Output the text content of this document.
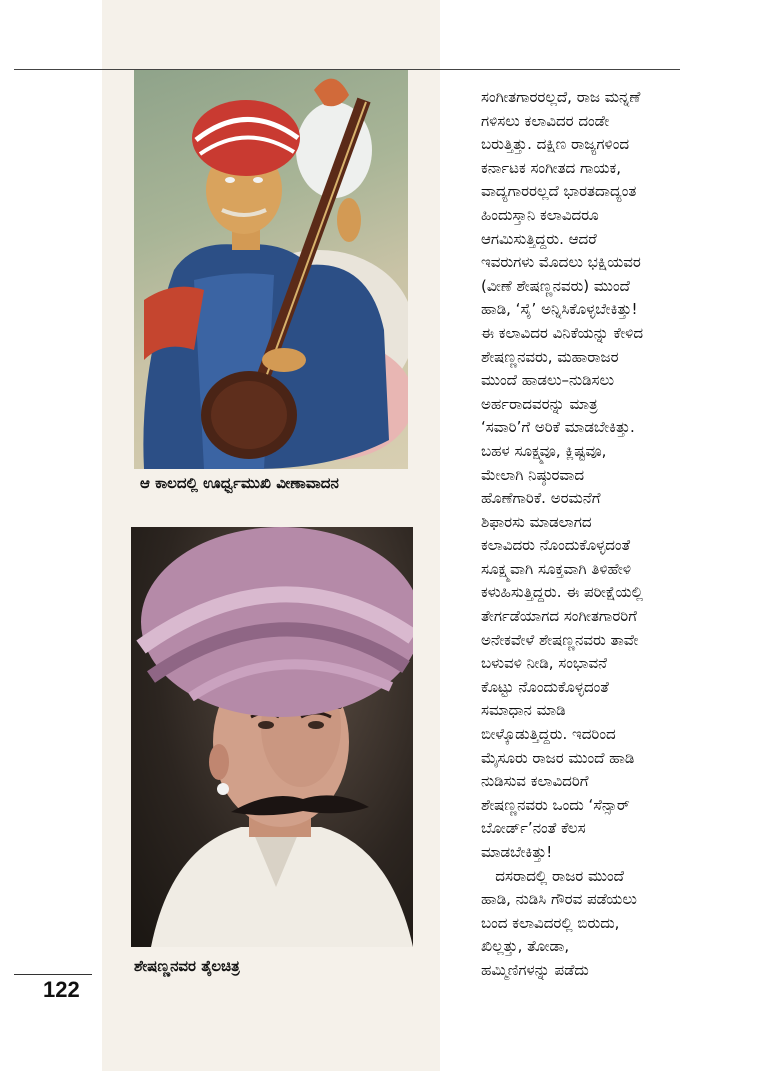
ಆ ಕಾಲದಲ್ಲಿ ಊರ್ಧ್ವಮುಖಿ ವೀಣಾವಾದನ
ಶೇಷಣ್ಣನವರ ತೈಲಚಿತ್ರ
ಸಂಗೀತಗಾರರಲ್ಲದೆ, ರಾಜ ಮನ್ನಣೆ
ಗಳಿಸಲು ಕಲಾವಿದರ ದಂಡೇ
ಬರುತ್ತಿತ್ತು. ದಕ್ಷಿಣ ರಾಜ್ಯಗಳಿಂದ
ಕರ್ನಾಟಕ ಸಂಗೀತದ ಗಾಯಕ,
ವಾದ್ಯಗಾರರಲ್ಲದೆ ಭಾರತದಾದ್ಯಂತ
ಹಿಂದುಸ್ತಾನಿ ಕಲಾವಿದರೂ
ಆಗಮಿಸುತ್ತಿದ್ದರು. ಆದರೆ
ಇವರುಗಳು ಮೊದಲು ಭಕ್ಷಿಯವರ
(ವೀಣೆ ಶೇಷಣ್ಣನವರು) ಮುಂದೆ
ಹಾಡಿ, ‘ಸೈ’ ಅನ್ನಿಸಿಕೊಳ್ಳಬೇಕಿತ್ತು!
ಈ ಕಲಾವಿದರ ವಿನಿಕೆಯನ್ನು ಕೇಳಿದ
ಶೇಷಣ್ಣನವರು, ಮಹಾರಾಜರ
ಮುಂದೆ ಹಾಡಲು–ನುಡಿಸಲು
ಅರ್ಹರಾದವರನ್ನು ಮಾತ್ರ
‘ಸವಾರಿ’ಗೆ ಅರಿಕೆ ಮಾಡಬೇಕಿತ್ತು.
ಬಹಳ ಸೂಕ್ಷ್ಮವೂ, ಕ್ಲಿಷ್ಟವೂ,
ಮೇಲಾಗಿ ನಿಷ್ಠುರವಾದ
ಹೊಣೆಗಾರಿಕೆ. ಅರಮನೆಗೆ
ಶಿಫಾರಸು ಮಾಡಲಾಗದ
ಕಲಾವಿದರು ನೊಂದುಕೊಳ್ಳದಂತೆ
ಸೂಕ್ಷ್ಮವಾಗಿ ಸೂಕ್ತವಾಗಿ ತಿಳಿಹೇಳಿ
ಕಳುಹಿಸುತ್ತಿದ್ದರು. ಈ ಪರೀಕ್ಷೆಯಲ್ಲಿ
ತೇರ್ಗಡೆಯಾಗದ ಸಂಗೀತಗಾರರಿಗೆ
ಅನೇಕವೇಳೆ ಶೇಷಣ್ಣನವರು ತಾವೇ
ಬಳುವಳಿ ನೀಡಿ, ಸಂಭಾವನೆ
ಕೊಟ್ಟು ನೊಂದುಕೊಳ್ಳದಂತೆ
ಸಮಾಧಾನ ಮಾಡಿ
ಬೀಳ್ಕೊಡುತ್ತಿದ್ದರು. ಇದರಿಂದ
ಮೈಸೂರು ರಾಜರ ಮುಂದೆ ಹಾಡಿ
ನುಡಿಸುವ ಕಲಾವಿದರಿಗೆ
ಶೇಷಣ್ಣನವರು ಒಂದು ‘ಸೆನ್ಸಾರ್
ಬೋರ್ಡ್’ನಂತೆ ಕೆಲಸ
ಮಾಡಬೇಕಿತ್ತು!
ದಸರಾದಲ್ಲಿ ರಾಜರ ಮುಂದೆ
ಹಾಡಿ, ನುಡಿಸಿ ಗೌರವ ಪಡೆಯಲು
ಬಂದ ಕಲಾವಿದರಲ್ಲಿ ಬಿರುದು,
ಖಿಲ್ಲತ್ತು, ತೋಡಾ,
ಹಮ್ಮಿಣಿಗಳನ್ನು ಪಡೆದು
122
